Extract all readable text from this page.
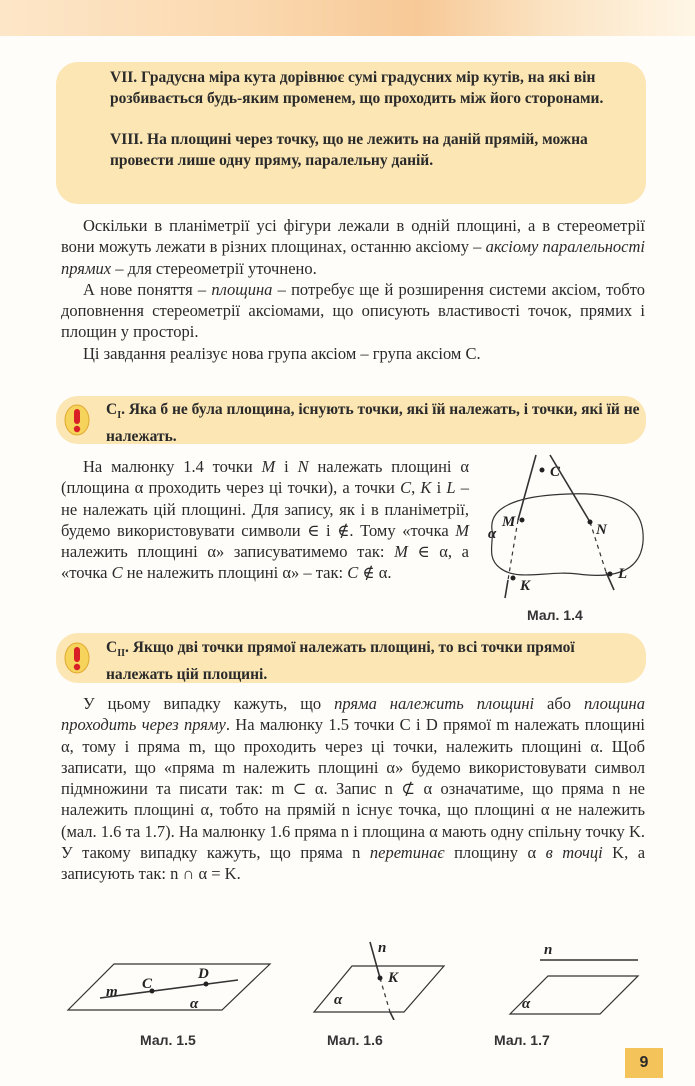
VII. Градусна міра кута дорівнює сумі градусних мір кутів, на які він розбивається будь-яким променем, що проходить між його сторонами.

VIII. На площині через точку, що не лежить на даній прямій, можна провести лише одну пряму, паралельну даній.

Оскільки в планіметрії усі фігури лежали в одній площині, а в стереометрії вони можуть лежати в різних площинах, останню аксіому – аксіому паралельності прямих – для стереометрії уточнено.

А нове поняття – площина – потребує ще й розширення системи аксіом, тобто доповнення стереометрії аксіомами, що описують властивості точок, прямих і площин у просторі.

Ці завдання реалізує нова група аксіом – група аксіом С.

$C_I$. Яка б не була площина, існують точки, які їй належать, і точки, які їй не належать.

На малюнку 1.4 точки M і N належать площині α (площина α проходить через ці точки), а точки C, K і L – не належать цій площині. Для запису, як і в планіметрії, будемо використовувати символи ∈ і ∉. Тому «точка M належить площині α» записуватимемо так: M ∈ α, а «точка C не належить площині α» – так: C ∉ α.

C
M	N
α
K
L
Мал. 1.4

$C_{II}$. Якщо дві точки прямої належать площині, то всі точки прямої належать цій площині.

У цьому випадку кажуть, що пряма належить площині або площина проходить через пряму. На малюнку 1.5 точки C і D прямої m належать площині α, тому і пряма m, що проходить через ці точки, належить площині α. Щоб записати, що «пряма m належить площині α» будемо використовувати символ підмножини та писати так: m ⊂ α. Запис n ⊄ α означатиме, що пряма n не належить площині α, тобто на прямій n існує точка, що площині α не належить (мал. 1.6 та 1.7). На малюнку 1.6 пряма n і площина α мають одну спільну точку K. У такому випадку кажуть, що пряма n перетинає площину α в точці K, а записують так: n ∩ α = K.

m C
D
α
Мал. 1.5
n
K
α
Мал. 1.6
n
α
Мал. 1.7
9
